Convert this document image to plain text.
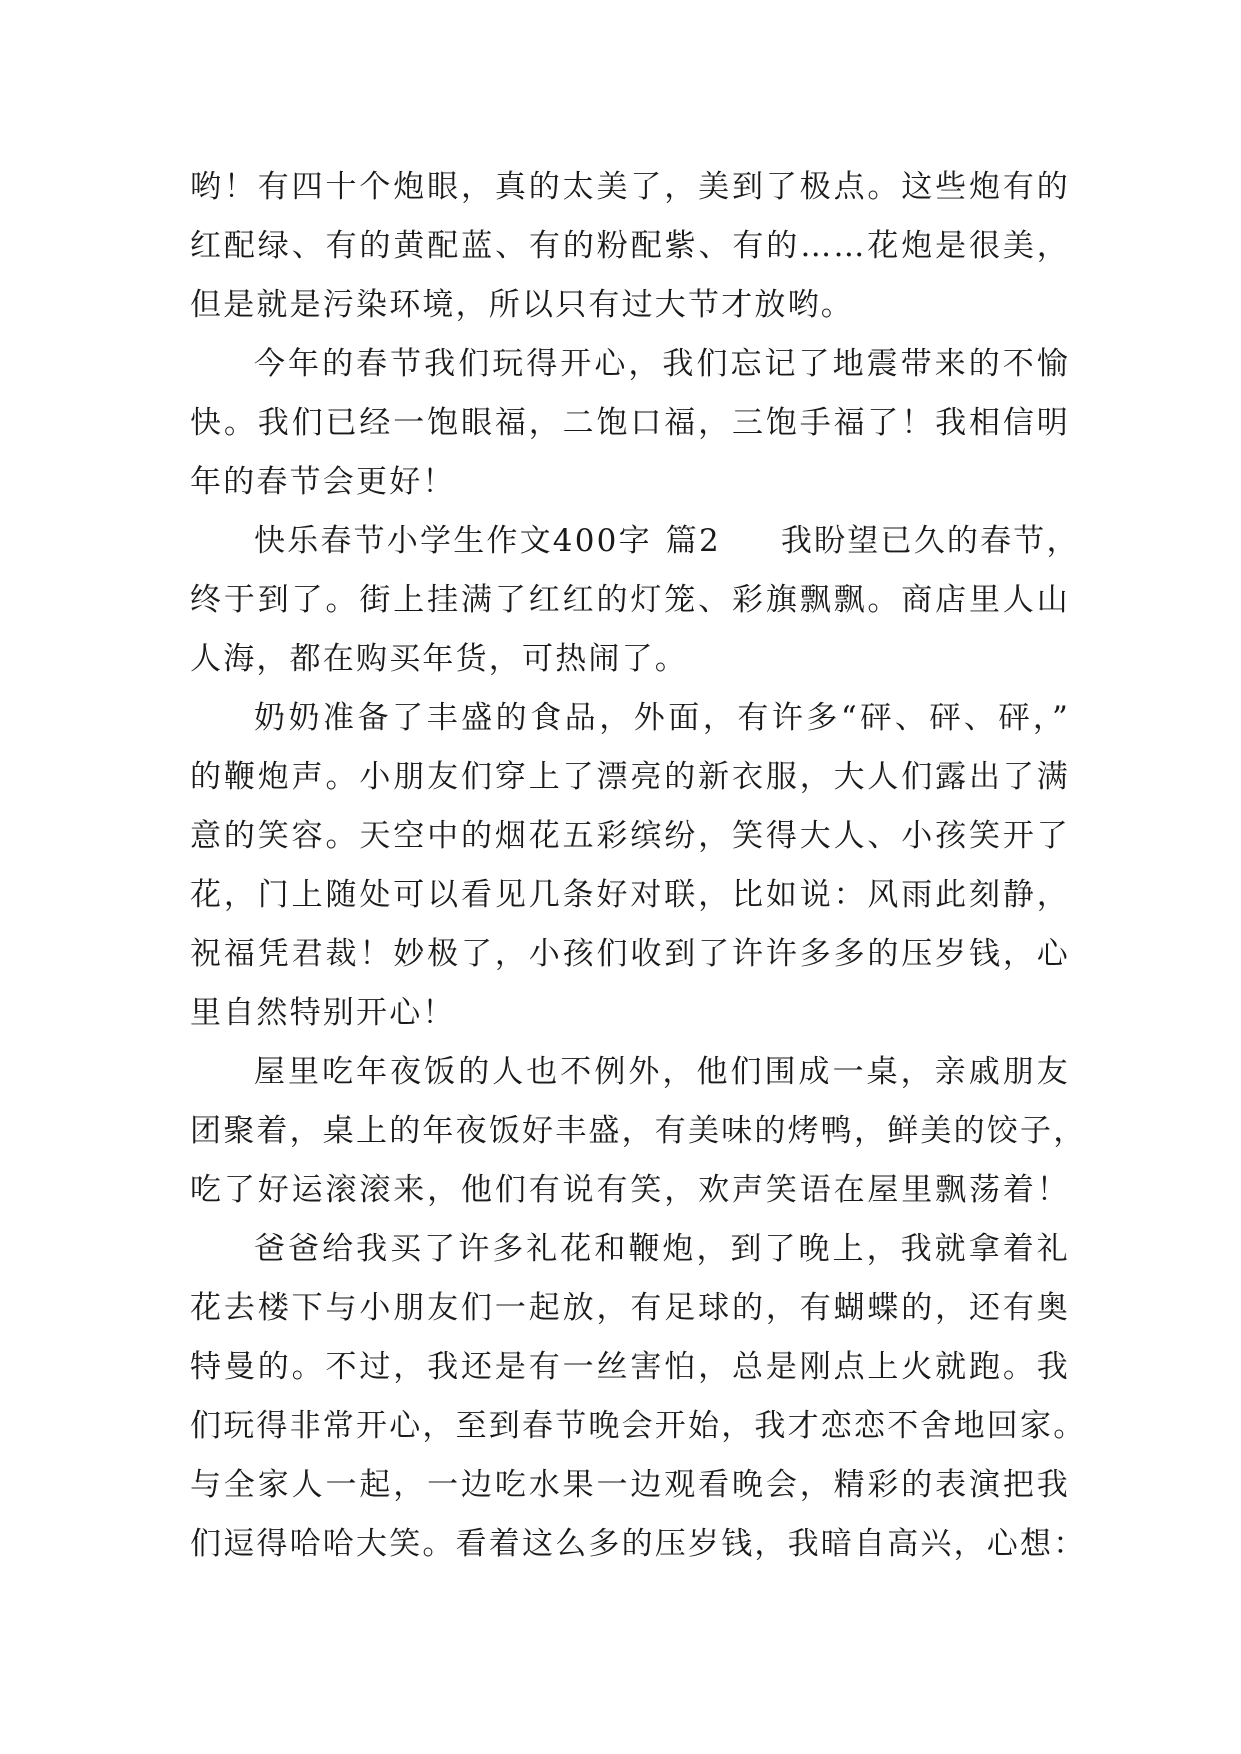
哟！有四十个炮眼，真的太美了，美到了极点。这些炮有的

红配绿、有的黄配蓝、有的粉配紫、有的……花炮是很美，

但是就是污染环境，所以只有过大节才放哟。

今年的春节我们玩得开心，我们忘记了地震带来的不愉

快。我们已经一饱眼福，二饱口福，三饱手福了！我相信明

年的春节会更好！

快乐春节小学生作文400字 篇2 我盼望已久的春节，

终于到了。街上挂满了红红的灯笼、彩旗飘飘。商店里人山

人海，都在购买年货，可热闹了。

奶奶准备了丰盛的食品，外面，有许多“砰、砰、砰，”

的鞭炮声。小朋友们穿上了漂亮的新衣服，大人们露出了满

意的笑容。天空中的烟花五彩缤纷，笑得大人、小孩笑开了

花，门上随处可以看见几条好对联，比如说：风雨此刻静，

祝福凭君裁！妙极了，小孩们收到了许许多多的压岁钱，心

里自然特别开心！

屋里吃年夜饭的人也不例外，他们围成一桌，亲戚朋友

团聚着，桌上的年夜饭好丰盛，有美味的烤鸭，鲜美的饺子，

吃了好运滚滚来，他们有说有笑，欢声笑语在屋里飘荡着！

爸爸给我买了许多礼花和鞭炮，到了晚上，我就拿着礼

花去楼下与小朋友们一起放，有足球的，有蝴蝶的，还有奥

特曼的。不过，我还是有一丝害怕，总是刚点上火就跑。我

们玩得非常开心，至到春节晚会开始，我才恋恋不舍地回家。

与全家人一起，一边吃水果一边观看晚会，精彩的表演把我

们逗得哈哈大笑。看着这么多的压岁钱，我暗自高兴，心想：
